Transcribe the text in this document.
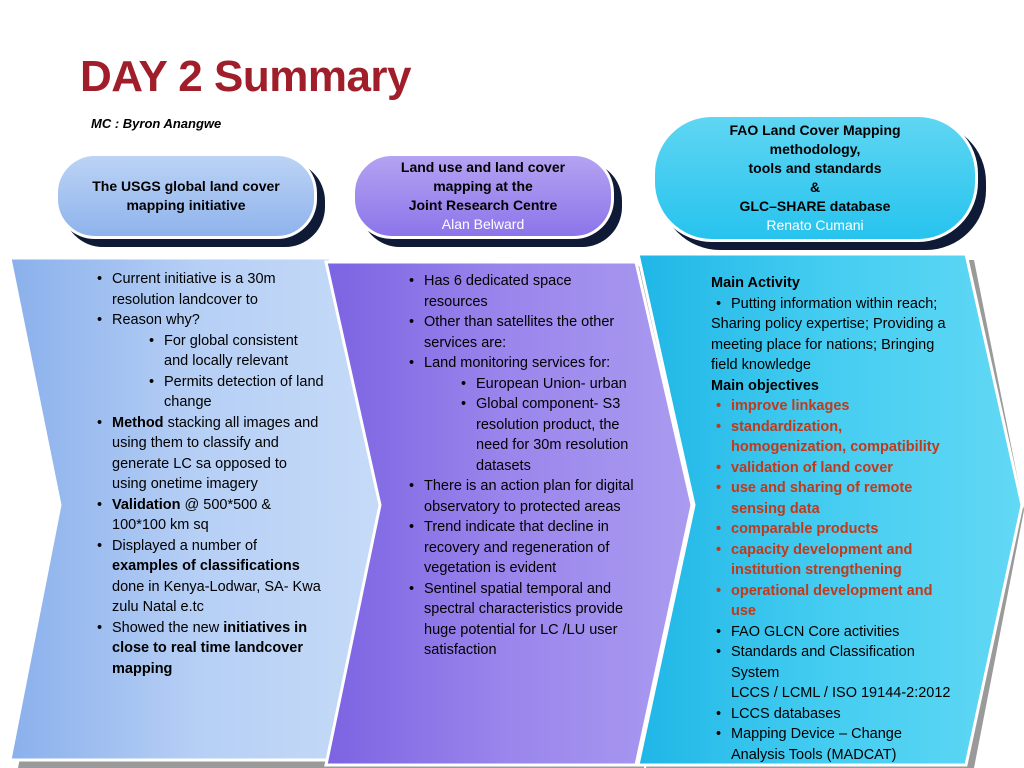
DAY 2 Summary
MC : Byron Anangwe
The USGS global land cover mapping initiative
Land use and land cover
mapping at the
Joint Research Centre
Alan Belward
FAO Land Cover Mapping
methodology,
tools and standards
&
GLC–SHARE database
Renato Cumani
• Current initiative is a 30m resolution landcover to
• Reason why?
• For global consistent and locally relevant
• Permits detection of land change
• Method stacking all images and using them to classify and generate LC sa opposed to using onetime imagery
• Validation @ 500*500 & 100*100 km sq
• Displayed a number of examples of classifications done in Kenya-Lodwar, SA- Kwa zulu Natal e.tc
• Showed the new initiatives in close to real time landcover mapping
• Has 6 dedicated space resources
• Other than satellites the other services are:
• Land monitoring services for:
• European Union- urban
• Global component- S3 resolution product, the need for 30m resolution datasets
• There is an action plan for digital observatory to protected areas
• Trend indicate that decline in recovery and regeneration of vegetation is evident
• Sentinel spatial temporal and spectral characteristics provide huge potential for LC /LU user satisfaction
Main Activity
• Putting information within reach;
Sharing policy expertise; Providing a meeting place for nations; Bringing field knowledge
Main objectives
• improve linkages
• standardization, homogenization, compatibility
• validation of land cover
• use and sharing of remote sensing data
• comparable products
• capacity development and institution strengthening
• operational development and use
• FAO GLCN Core activities
• Standards and Classification System
LCCS / LCML / ISO 19144-2:2012
• LCCS databases
• Mapping Device – Change Analysis Tools (MADCAT)
